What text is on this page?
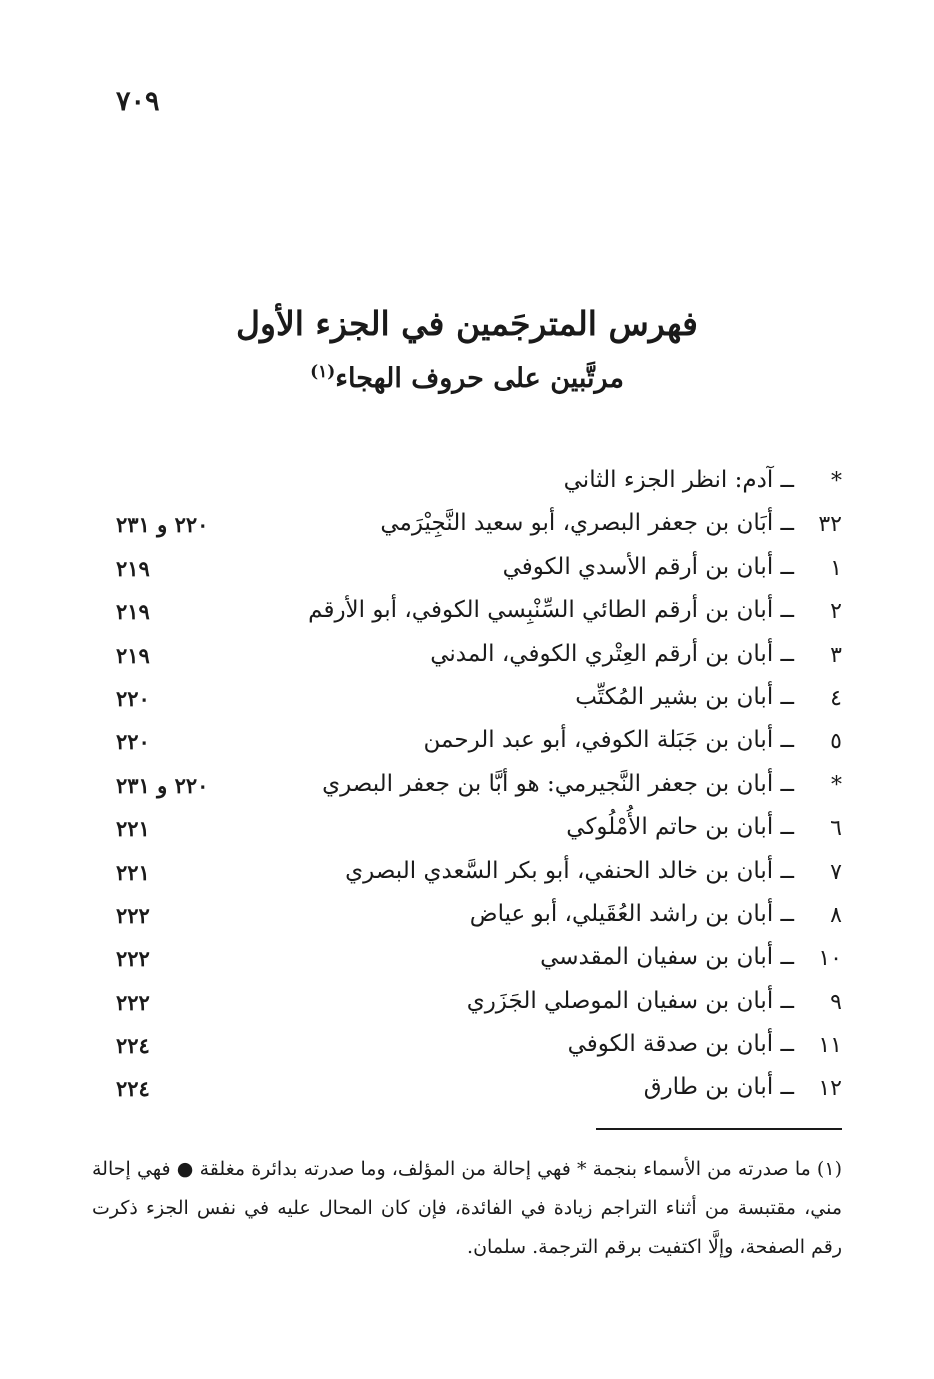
٧٠٩
فهرس المترجَمين في الجزء الأول
مرتَّبين على حروف الهجاء$^{(١)}$
*
ــ آدم: انظر الجزء الثاني
٣٢
ــ أبَان بن جعفر البصري، أبو سعيد النَّجِيْرَمي
٢٢٠ و ٢٣١
١
ــ أبان بن أرقم الأسدي الكوفي
٢١٩
٢
ــ أبان بن أرقم الطائي السِّنْبِسي الكوفي، أبو الأرقم
٢١٩
٣
ــ أبان بن أرقم العِتْري الكوفي، المدني
٢١٩
٤
ــ أبان بن بشير المُكتِّب
٢٢٠
٥
ــ أبان بن جَبَلة الكوفي، أبو عبد الرحمن
٢٢٠
*
ــ أبان بن جعفر النَّجيرمي: هو أبَّا بن جعفر البصري
٢٢٠ و ٢٣١
٦
ــ أبان بن حاتم الأُمْلُوكي
٢٢١
٧
ــ أبان بن خالد الحنفي، أبو بكر السَّعدي البصري
٢٢١
٨
ــ أبان بن راشد العُقَيلي، أبو عياض
٢٢٢
١٠
ــ أبان بن سفيان المقدسي
٢٢٢
٩
ــ أبان بن سفيان الموصلي الجَزَري
٢٢٢
١١
ــ أبان بن صدقة الكوفي
٢٢٤
١٢
ــ أبان بن طارق
٢٢٤
(١) ما صدرته من الأسماء بنجمة * فهي إحالة من المؤلف، وما صدرته بدائرة مغلقة ● فهي إحالة مني، مقتبسة من أثناء التراجم زيادة في الفائدة، فإن كان المحال عليه في نفس الجزء ذكرت رقم الصفحة، وإلَّا اكتفيت برقم الترجمة. سلمان.
